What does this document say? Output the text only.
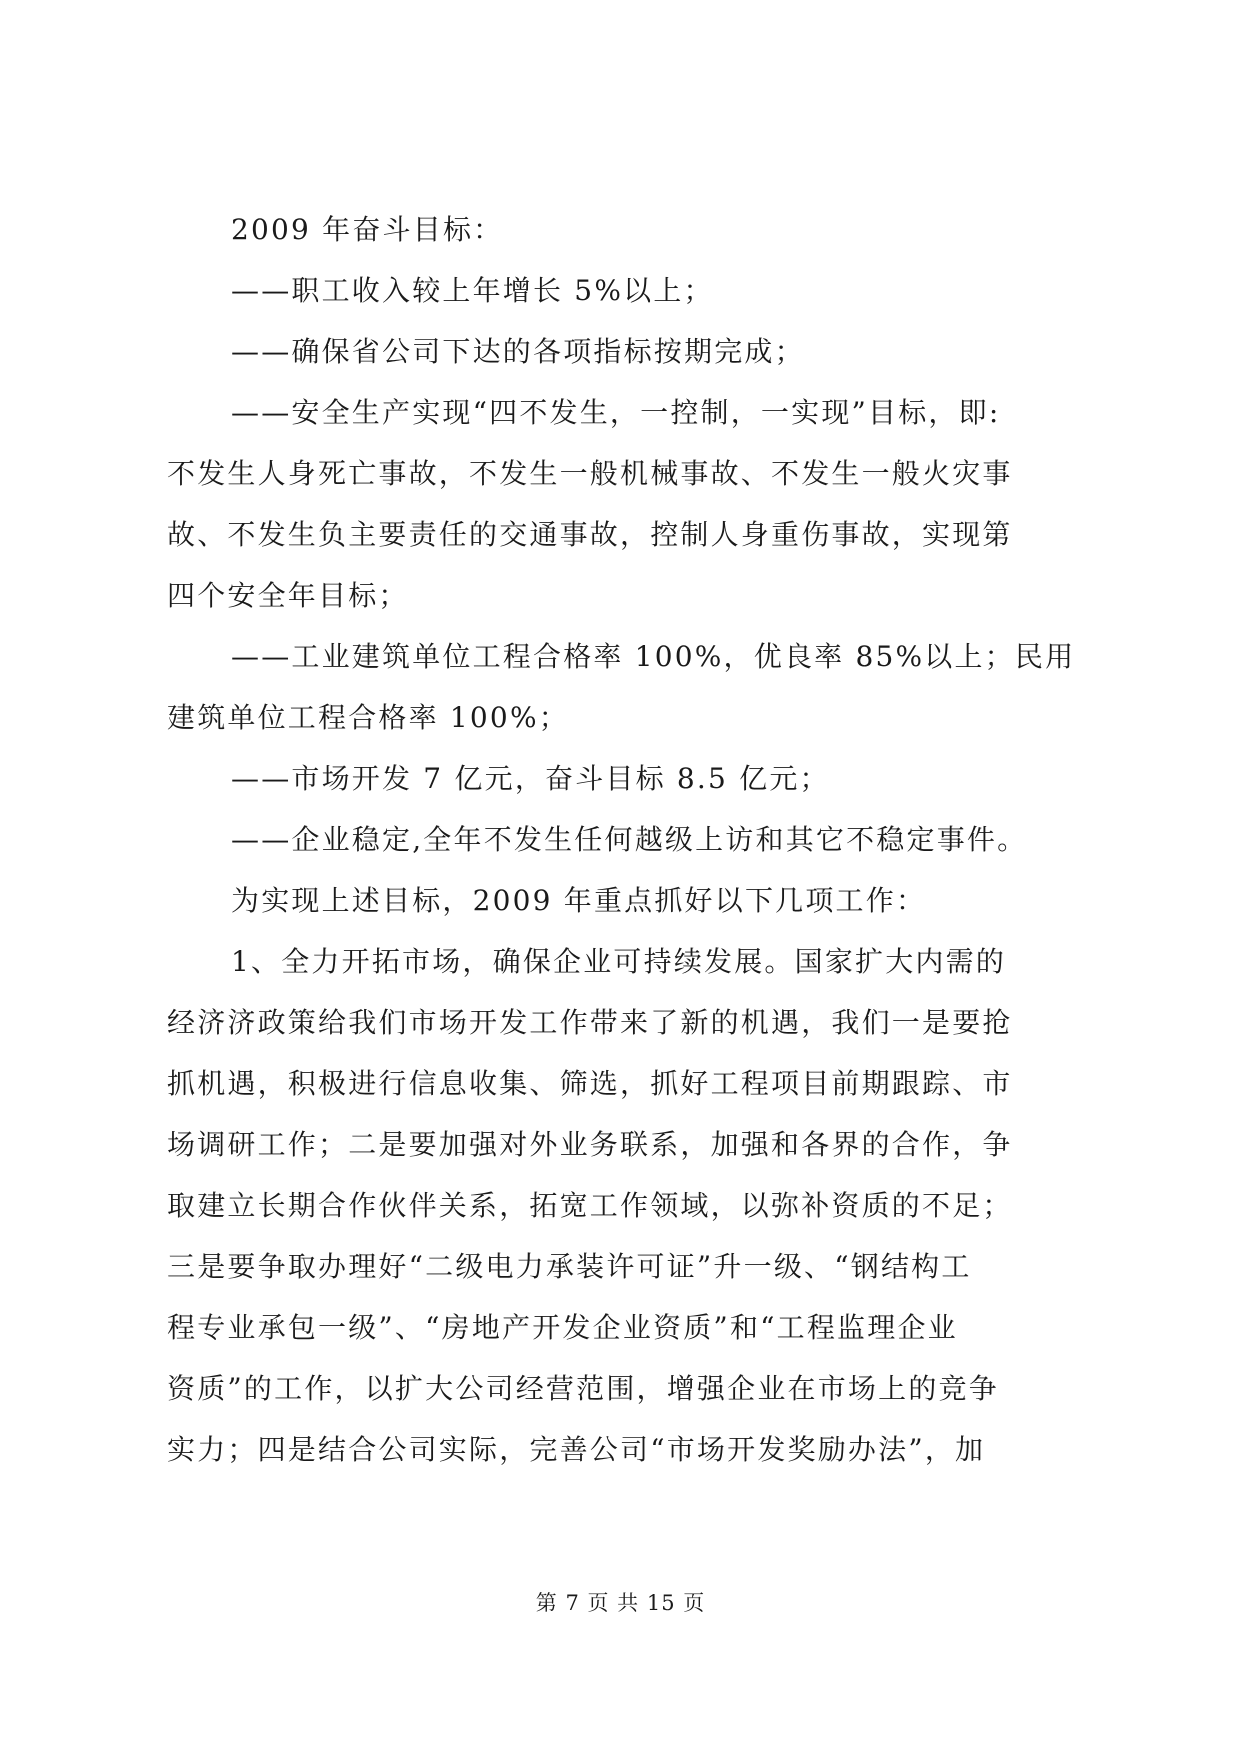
2009 年奋斗目标：
——职工收入较上年增长 5%以上；
——确保省公司下达的各项指标按期完成；
——安全生产实现“四不发生，一控制，一实现”目标，即:
不发生人身死亡事故，不发生一般机械事故、不发生一般火灾事
故、不发生负主要责任的交通事故，控制人身重伤事故，实现第
四个安全年目标；
——工业建筑单位工程合格率 100%，优良率 85%以上；民用
建筑单位工程合格率 100%；
——市场开发 7 亿元，奋斗目标 8.5 亿元；
——企业稳定,全年不发生任何越级上访和其它不稳定事件。
为实现上述目标，2009 年重点抓好以下几项工作：
1、全力开拓市场，确保企业可持续发展。国家扩大内需的
经济济政策给我们市场开发工作带来了新的机遇，我们一是要抢
抓机遇，积极进行信息收集、筛选，抓好工程项目前期跟踪、市
场调研工作；二是要加强对外业务联系，加强和各界的合作，争
取建立长期合作伙伴关系，拓宽工作领域，以弥补资质的不足；
三是要争取办理好“二级电力承装许可证”升一级、“钢结构工
程专业承包一级”、“房地产开发企业资质”和“工程监理企业
资质”的工作，以扩大公司经营范围，增强企业在市场上的竞争
实力；四是结合公司实际，完善公司“市场开发奖励办法”，加
第 7 页 共 15 页
